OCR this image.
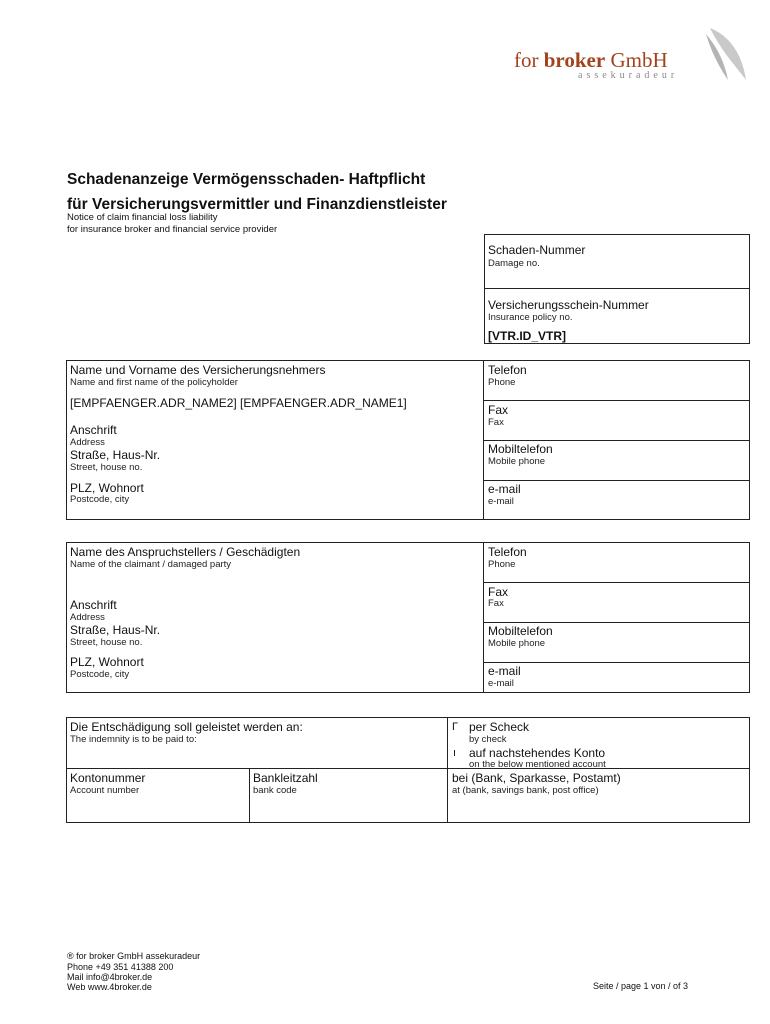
for broker GmbH
assekuradeur
Schadenanzeige Vermögensschaden- Haftpflicht
für Versicherungsvermittler und Finanzdienstleister
Notice of claim financial loss liability
for insurance broker and financial service provider
Schaden-Nummer
Damage no.
Versicherungsschein-Nummer
Insurance policy no.
[VTR.ID_VTR]
Name und Vorname des Versicherungsnehmers
Name and first name of the policyholder
[EMPFAENGER.ADR_NAME2] [EMPFAENGER.ADR_NAME1]
Anschrift
Address
Straße, Haus-Nr.
Street, house no.
PLZ, Wohnort
Postcode, city
Telefon
Phone
Fax
Fax
Mobiltelefon
Mobile phone
e-mail
e-mail
Name des Anspruchstellers / Geschädigten
Name of the claimant / damaged party
Anschrift
Address
Straße, Haus-Nr.
Street, house no.
PLZ, Wohnort
Postcode, city
Telefon
Phone
Fax
Fax
Mobiltelefon
Mobile phone
e-mail
e-mail
Die Entschädigung soll geleistet werden an:
The indemnity is to be paid to:
Γ per Scheck
by check
ı auf nachstehendes Konto
on the below mentioned account
Kontonummer
Account number
Bankleitzahl
bank code
bei (Bank, Sparkasse, Postamt)
at (bank, savings bank, post office)
® for broker GmbH assekuradeur
Phone +49 351 41388 200
Mail info@4broker.de
Web www.4broker.de	Seite / page 1 von / of 3
